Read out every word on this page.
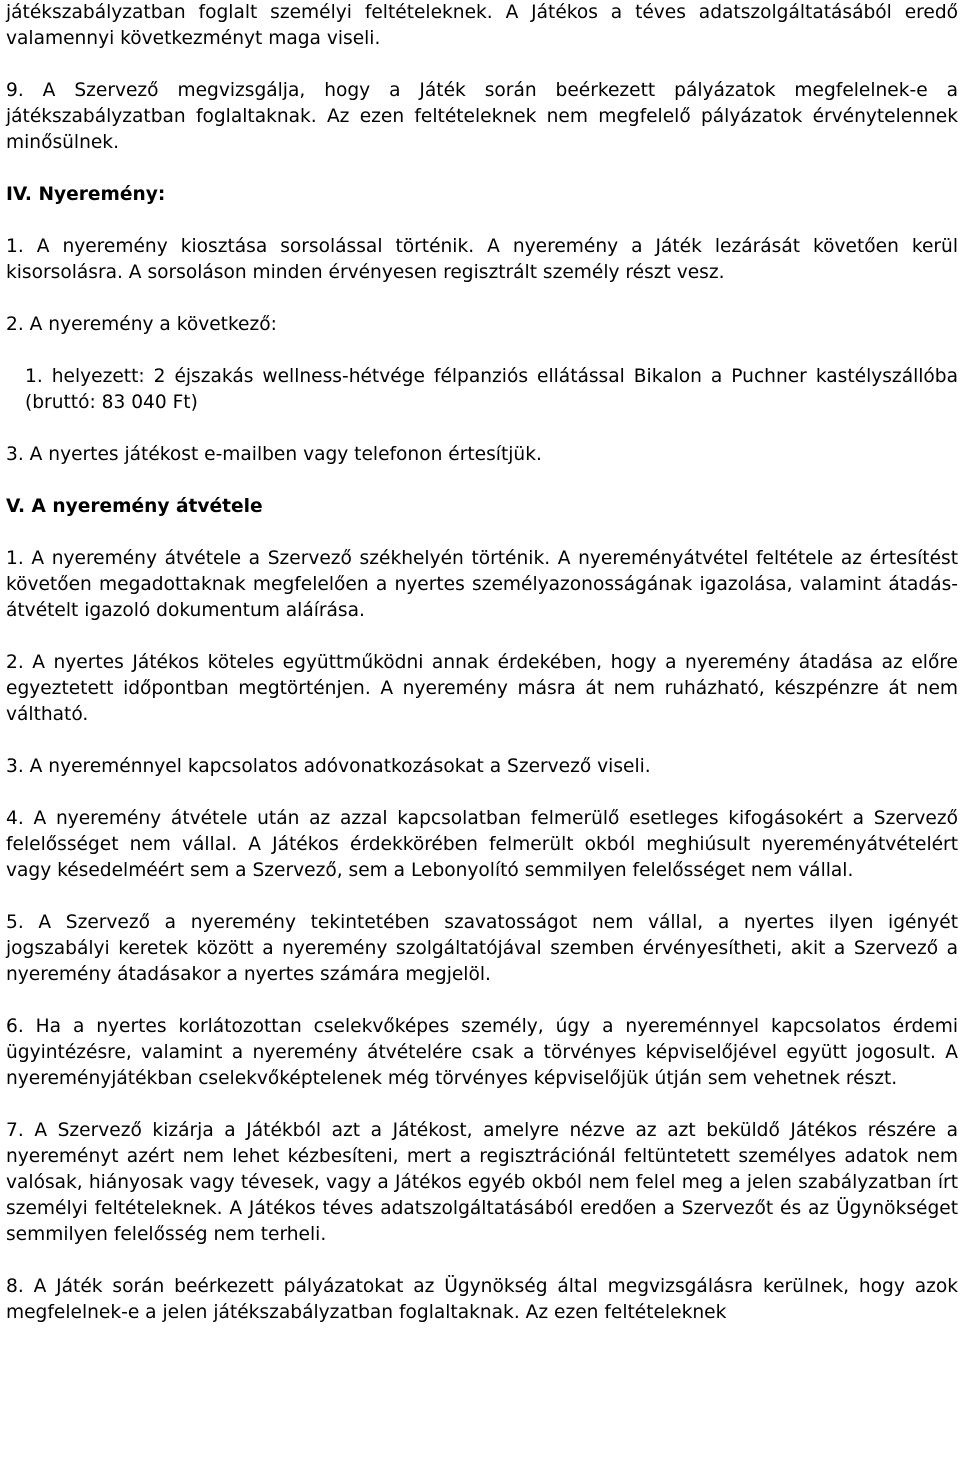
játékszabályzatban foglalt személyi feltételeknek. A Játékos a téves adatszolgáltatásából eredő valamennyi következményt maga viseli.

9. A Szervező megvizsgálja, hogy a Játék során beérkezett pályázatok megfelelnek-e a játékszabályzatban foglaltaknak. Az ezen feltételeknek nem megfelelő pályázatok érvénytelennek minősülnek.

IV. Nyeremény:

1. A nyeremény kiosztása sorsolással történik. A nyeremény a Játék lezárását követően kerül kisorsolásra. A sorsoláson minden érvényesen regisztrált személy részt vesz.

2. A nyeremény a következő:

1. helyezett: 2 éjszakás wellness-hétvége félpanziós ellátással Bikalon a Puchner kastélyszállóba (bruttó: 83 040 Ft)

3. A nyertes játékost e-mailben vagy telefonon értesítjük.

V. A nyeremény átvétele

1. A nyeremény átvétele a Szervező székhelyén történik. A nyereményátvétel feltétele az értesítést követően megadottaknak megfelelően a nyertes személyazonosságának igazolása, valamint átadás-átvételt igazoló dokumentum aláírása.

2. A nyertes Játékos köteles együttműködni annak érdekében, hogy a nyeremény átadása az előre egyeztetett időpontban megtörténjen. A nyeremény másra át nem ruházható, készpénzre át nem váltható.

3. A nyereménnyel kapcsolatos adóvonatkozásokat a Szervező viseli.

4. A nyeremény átvétele után az azzal kapcsolatban felmerülő esetleges kifogásokért a Szervező felelősséget nem vállal. A Játékos érdekkörében felmerült okból meghiúsult nyereményátvételért vagy késedelméért sem a Szervező, sem a Lebonyolító semmilyen felelősséget nem vállal.

5. A Szervező a nyeremény tekintetében szavatosságot nem vállal, a nyertes ilyen igényét jogszabályi keretek között a nyeremény szolgáltatójával szemben érvényesítheti, akit a Szervező a nyeremény átadásakor a nyertes számára megjelöl.

6. Ha a nyertes korlátozottan cselekvőképes személy, úgy a nyereménnyel kapcsolatos érdemi ügyintézésre, valamint a nyeremény átvételére csak a törvényes képviselőjével együtt jogosult. A nyereményjátékban cselekvőképtelenek még törvényes képviselőjük útján sem vehetnek részt.

7. A Szervező kizárja a Játékból azt a Játékost, amelyre nézve az azt beküldő Játékos részére a nyereményt azért nem lehet kézbesíteni, mert a regisztrációnál feltüntetett személyes adatok nem valósak, hiányosak vagy tévesek, vagy a Játékos egyéb okból nem felel meg a jelen szabályzatban írt személyi feltételeknek. A Játékos téves adatszolgáltatásából eredően a Szervezőt és az Ügynökséget semmilyen felelősség nem terheli.

8. A Játék során beérkezett pályázatokat az Ügynökség által megvizsgálásra kerülnek, hogy azok megfelelnek-e a jelen játékszabályzatban foglaltaknak. Az ezen feltételeknek
